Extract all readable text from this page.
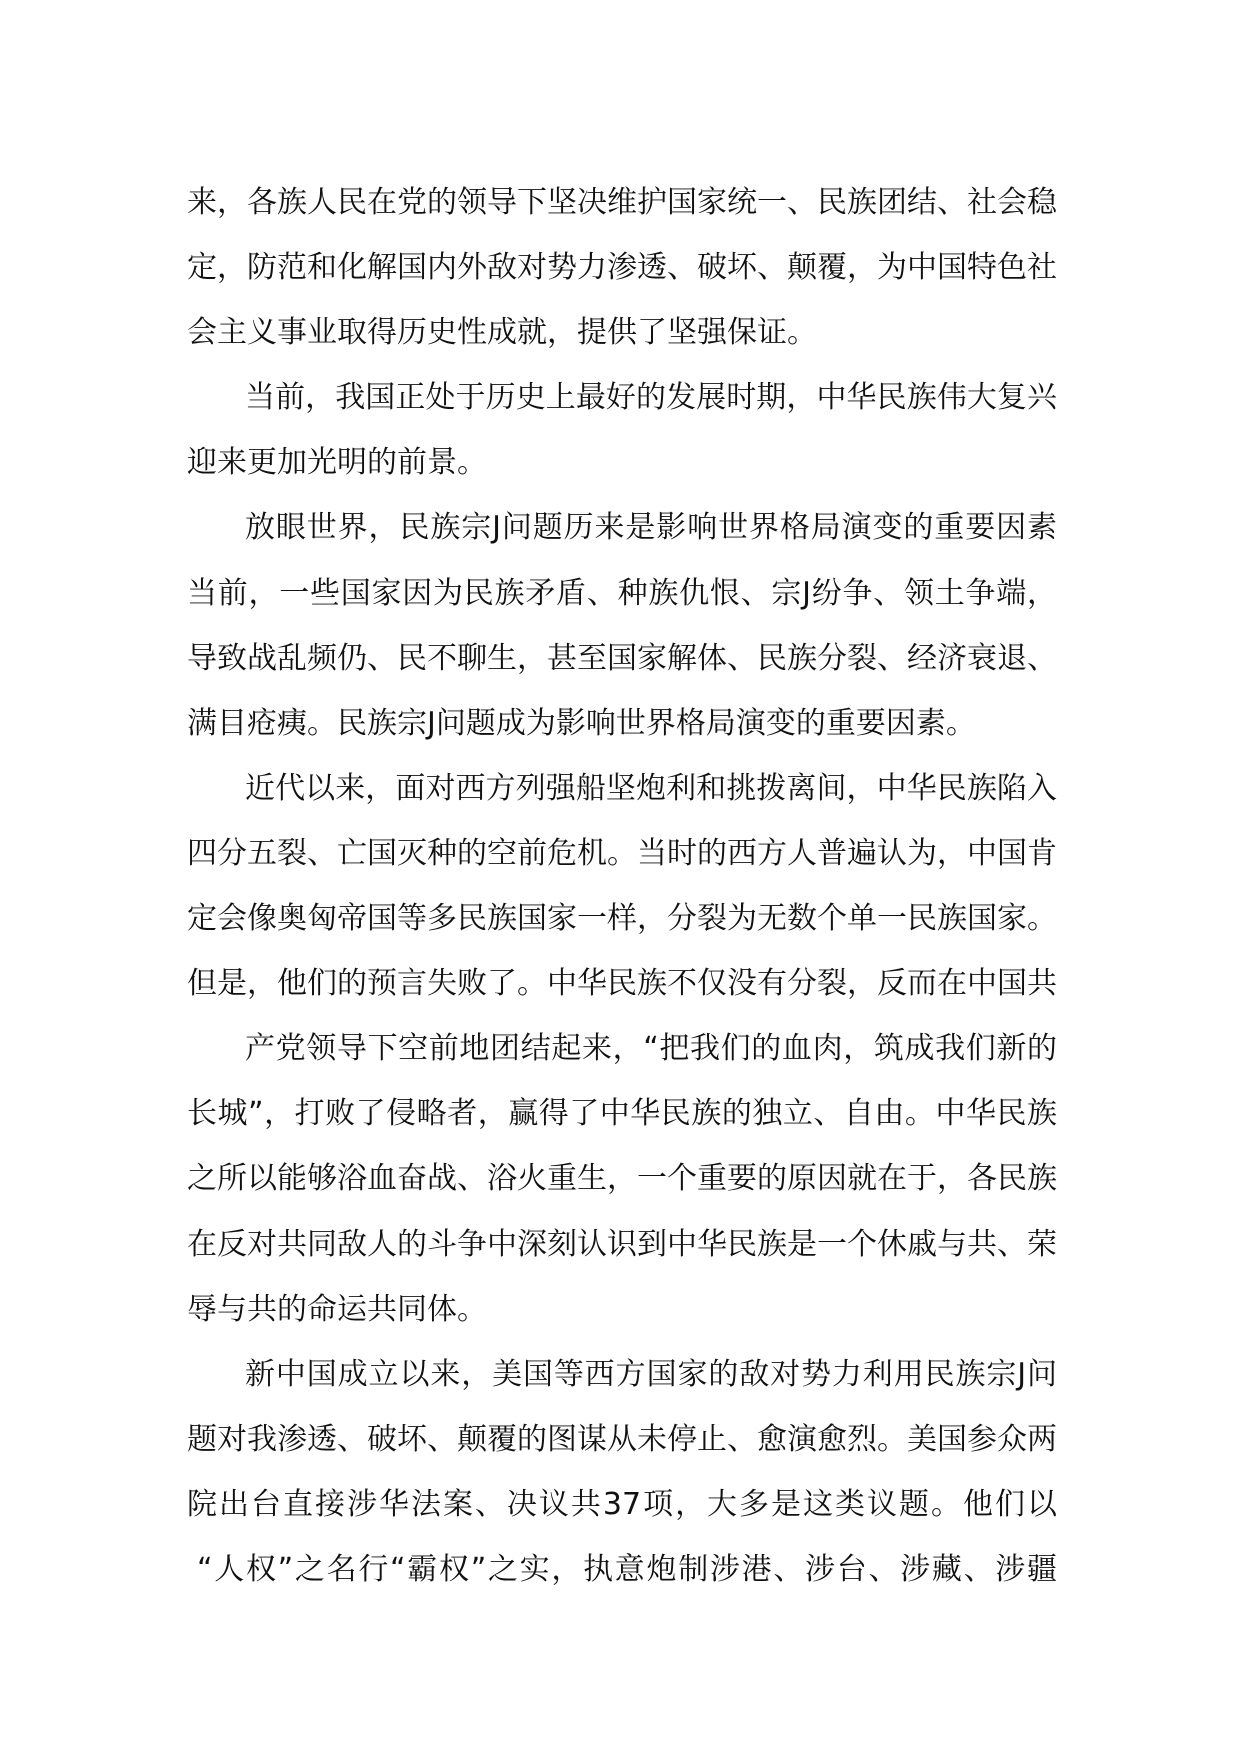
来，各族人民在党的领导下坚决维护国家统一、民族团结、社会稳
定，防范和化解国内外敌对势力渗透、破坏、颠覆，为中国特色社
会主义事业取得历史性成就，提供了坚强保证。
当前，我国正处于历史上最好的发展时期，中华民族伟大复兴
迎来更加光明的前景。
放眼世界，民族宗J问题历来是影响世界格局演变的重要因素
当前，一些国家因为民族矛盾、种族仇恨、宗J纷争、领土争端，
导致战乱频仍、民不聊生，甚至国家解体、民族分裂、经济衰退、
满目疮痍。民族宗J问题成为影响世界格局演变的重要因素。
近代以来，面对西方列强船坚炮利和挑拨离间，中华民族陷入
四分五裂、亡国灭种的空前危机。当时的西方人普遍认为，中国肯
定会像奥匈帝国等多民族国家一样，分裂为无数个单一民族国家。
但是，他们的预言失败了。中华民族不仅没有分裂，反而在中国共
产党领导下空前地团结起来，“把我们的血肉，筑成我们新的
长城”，打败了侵略者，赢得了中华民族的独立、自由。中华民族
之所以能够浴血奋战、浴火重生，一个重要的原因就在于，各民族
在反对共同敌人的斗争中深刻认识到中华民族是一个休戚与共、荣
辱与共的命运共同体。
新中国成立以来，美国等西方国家的敌对势力利用民族宗J问
题对我渗透、破坏、颠覆的图谋从未停止、愈演愈烈。美国参众两
院出台直接涉华法案、决议共37项，大多是这类议题。他们以
“人权”之名行“霸权”之实，执意炮制涉港、涉台、涉藏、涉疆
